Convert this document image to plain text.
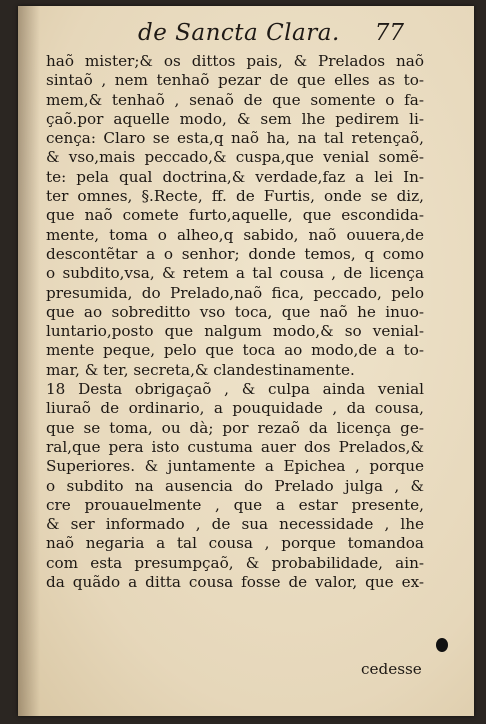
de Sancta Clara. 77
haõ mister;& os dittos pais, & Prelados naõ
sintaõ , nem tenhaõ pezar de que elles as to-
mem,& tenhaõ , senaõ de que somente o fa-
çaõ.por aquelle modo, & sem lhe pedirem li-
cença: Claro se esta,q naõ ha, na tal retençaõ,
& vso,mais peccado,& cuspa,que venial somẽ-
te: pela qual doctrina,& verdade,faz a lei In-
ter omnes, §.Recte, ff. de Furtis, onde se diz,
que naõ comete furto,aquelle, que escondida-
mente, toma o alheo,q sabido, naõ ouuera,de
descontẽtar a o senhor; donde temos, q como
o subdito,vsa, & retem a tal cousa , de licença
presumida, do Prelado,naõ fica, peccado, pelo
que ao sobreditto vso toca, que naõ he inuo-
luntario,posto que nalgum modo,& so venial-
mente peque, pelo que toca ao modo,de a to-
mar, & ter, secreta,& clandestinamente.
18 Desta obrigaçaõ , & culpa ainda venial
liuraõ de ordinario, a pouquidade , da cousa,
que se toma, ou dà; por rezaõ da licença ge-
ral,que pera isto custuma auer dos Prelados,&
Superiores. & juntamente a Epichea , porque
o subdito na ausencia do Prelado julga , &
cre prouauelmente , que a estar presente,
& ser informado , de sua necessidade , lhe
naõ negaria a tal cousa , porque tomandoa
com esta presumpçaõ, & probabilidade, ain-
da quãdo a ditta cousa fosse de valor, que ex-
cedesse
